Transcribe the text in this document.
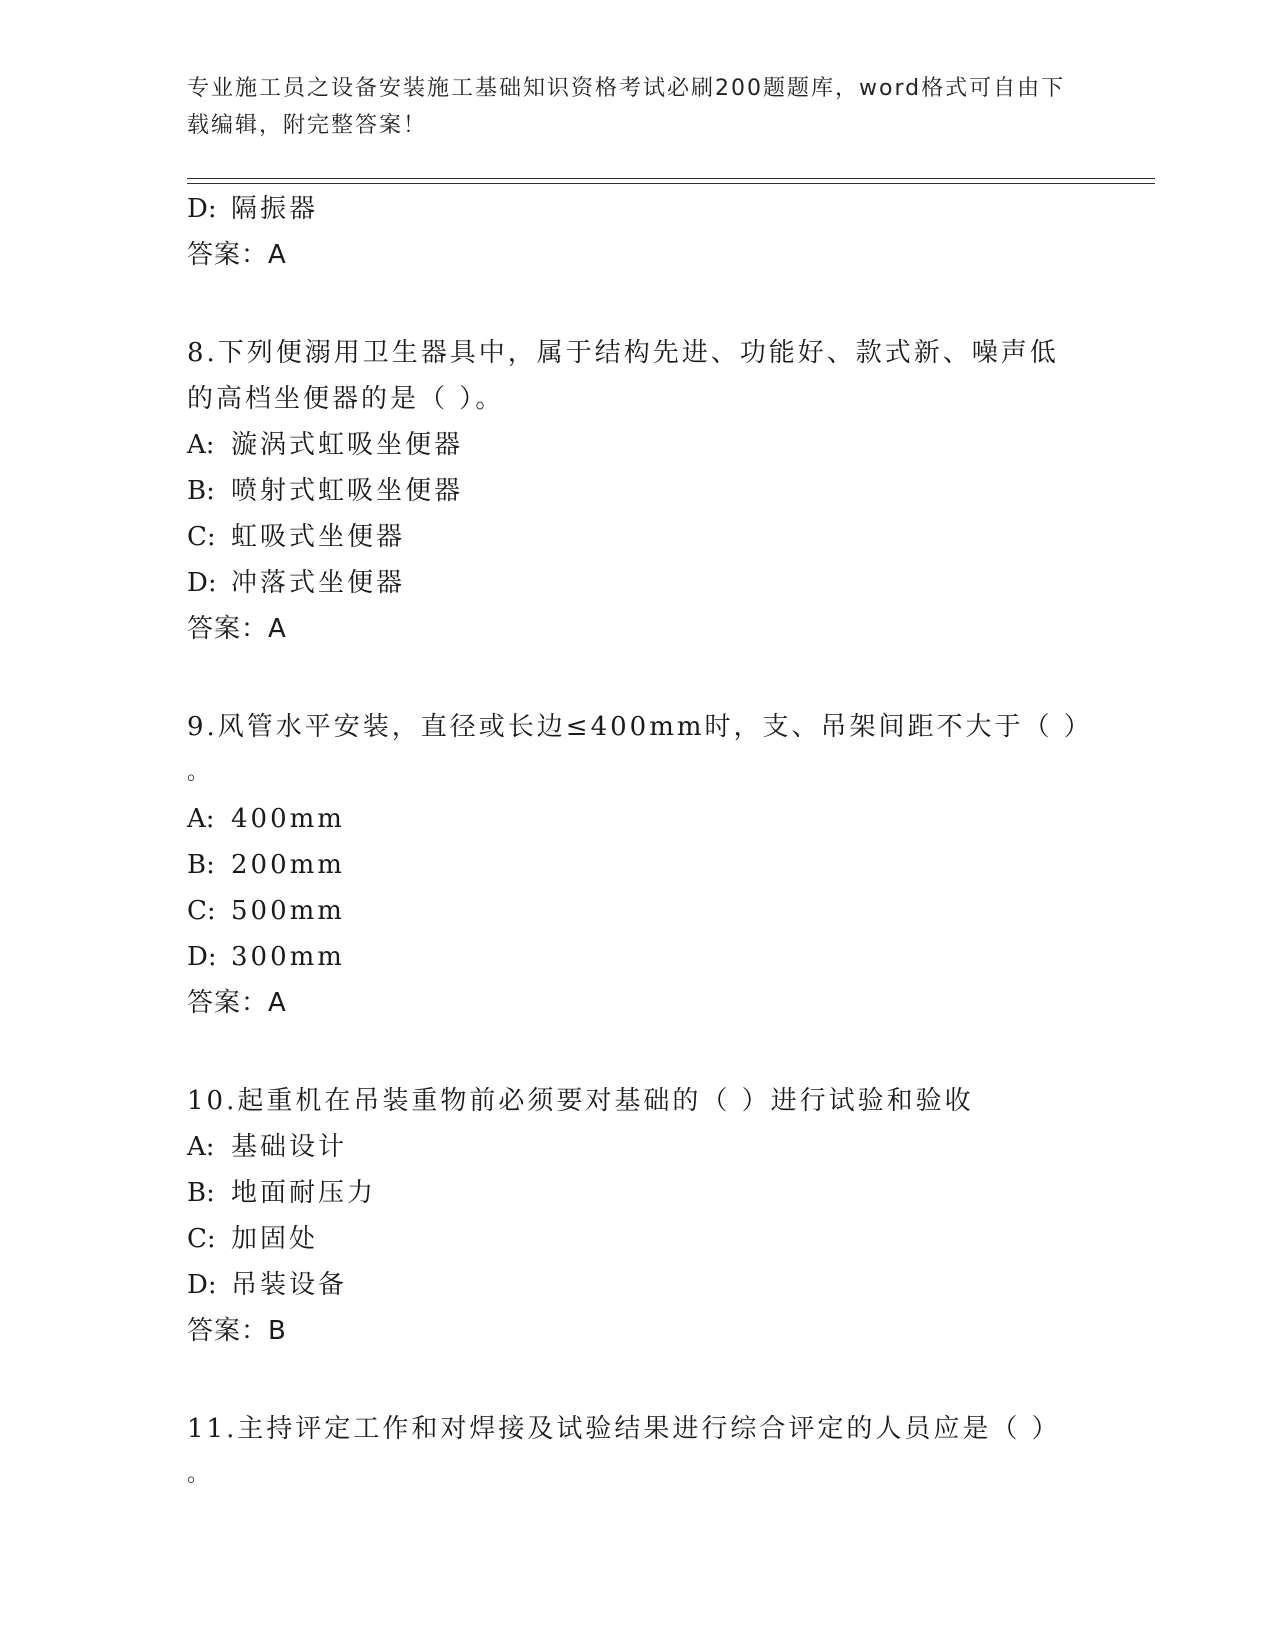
专业施工员之设备安装施工基础知识资格考试必刷200题题库，word格式可自由下载编辑，附完整答案！
D: 隔振器
答案：A
8.下列便溺用卫生器具中，属于结构先进、功能好、款式新、噪声低
的高档坐便器的是（ ）。
A: 漩涡式虹吸坐便器
B: 喷射式虹吸坐便器
C: 虹吸式坐便器
D: 冲落式坐便器
答案：A
9.风管水平安装，直径或长边≤400mm时，支、吊架间距不大于（ ）
。
A: 400mm
B: 200mm
C: 500mm
D: 300mm
答案：A
10.起重机在吊装重物前必须要对基础的（ ）进行试验和验收
A: 基础设计
B: 地面耐压力
C: 加固处
D: 吊装设备
答案：B
11.主持评定工作和对焊接及试验结果进行综合评定的人员应是（ ）
。
